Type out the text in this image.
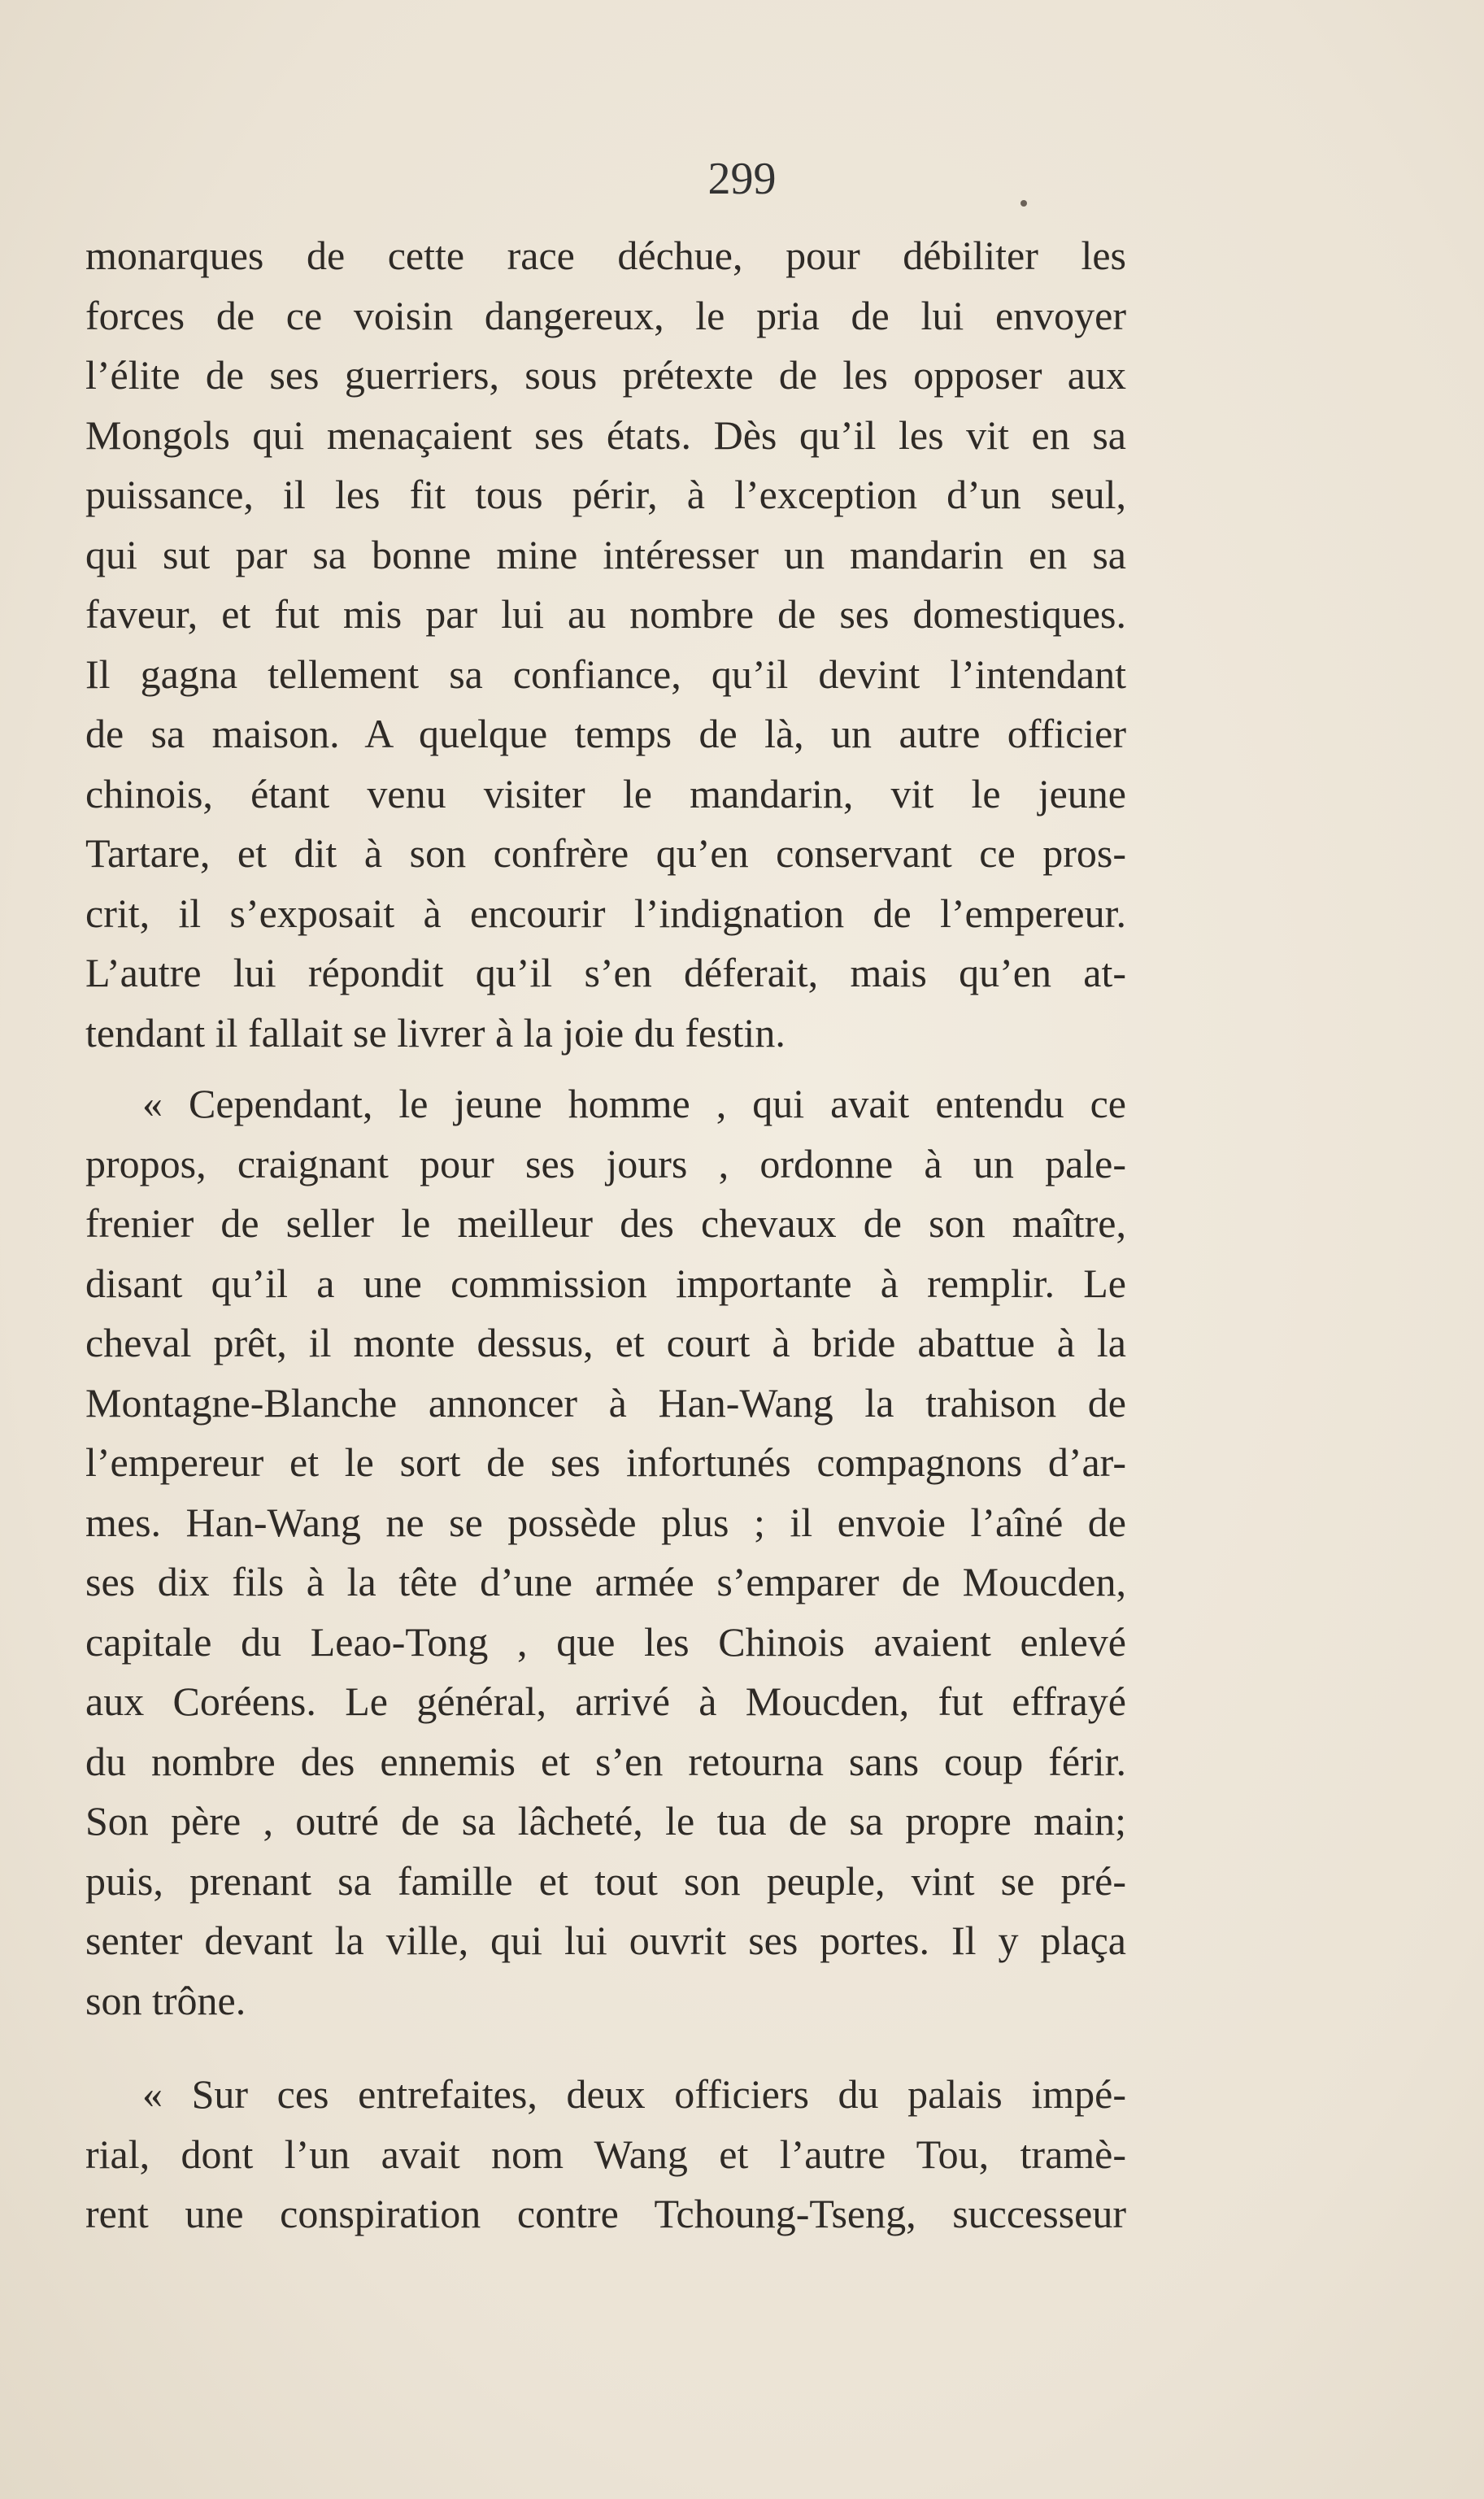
299
monarques de cette race déchue, pour débiliter les
forces de ce voisin dangereux, le pria de lui envoyer
l’élite de ses guerriers, sous prétexte de les opposer aux
Mongols qui menaçaient ses états. Dès qu’il les vit en sa
puissance, il les fit tous périr, à l’exception d’un seul,
qui sut par sa bonne mine intéresser un mandarin en sa
faveur, et fut mis par lui au nombre de ses domestiques.
Il gagna tellement sa confiance, qu’il devint l’intendant
de sa maison. A quelque temps de là, un autre officier
chinois, étant venu visiter le mandarin, vit le jeune
Tartare, et dit à son confrère qu’en conservant ce pros-
crit, il s’exposait à encourir l’indignation de l’empereur.
L’autre lui répondit qu’il s’en déferait, mais qu’en at-
tendant il fallait se livrer à la joie du festin.
« Cependant, le jeune homme , qui avait entendu ce
propos, craignant pour ses jours , ordonne à un pale-
frenier de seller le meilleur des chevaux de son maître,
disant qu’il a une commission importante à remplir. Le
cheval prêt, il monte dessus, et court à bride abattue à la
Montagne-Blanche annoncer à Han-Wang la trahison de
l’empereur et le sort de ses infortunés compagnons d’ar-
mes. Han-Wang ne se possède plus ; il envoie l’aîné de
ses dix fils à la tête d’une armée s’emparer de Moucden,
capitale du Leao-Tong , que les Chinois avaient enlevé
aux Coréens. Le général, arrivé à Moucden, fut effrayé
du nombre des ennemis et s’en retourna sans coup férir.
Son père , outré de sa lâcheté, le tua de sa propre main;
puis, prenant sa famille et tout son peuple, vint se pré-
senter devant la ville, qui lui ouvrit ses portes. Il y plaça
son trône.
« Sur ces entrefaites, deux officiers du palais impé-
rial, dont l’un avait nom Wang et l’autre Tou, tramè-
rent une conspiration contre Tchoung-Tseng, successeur
